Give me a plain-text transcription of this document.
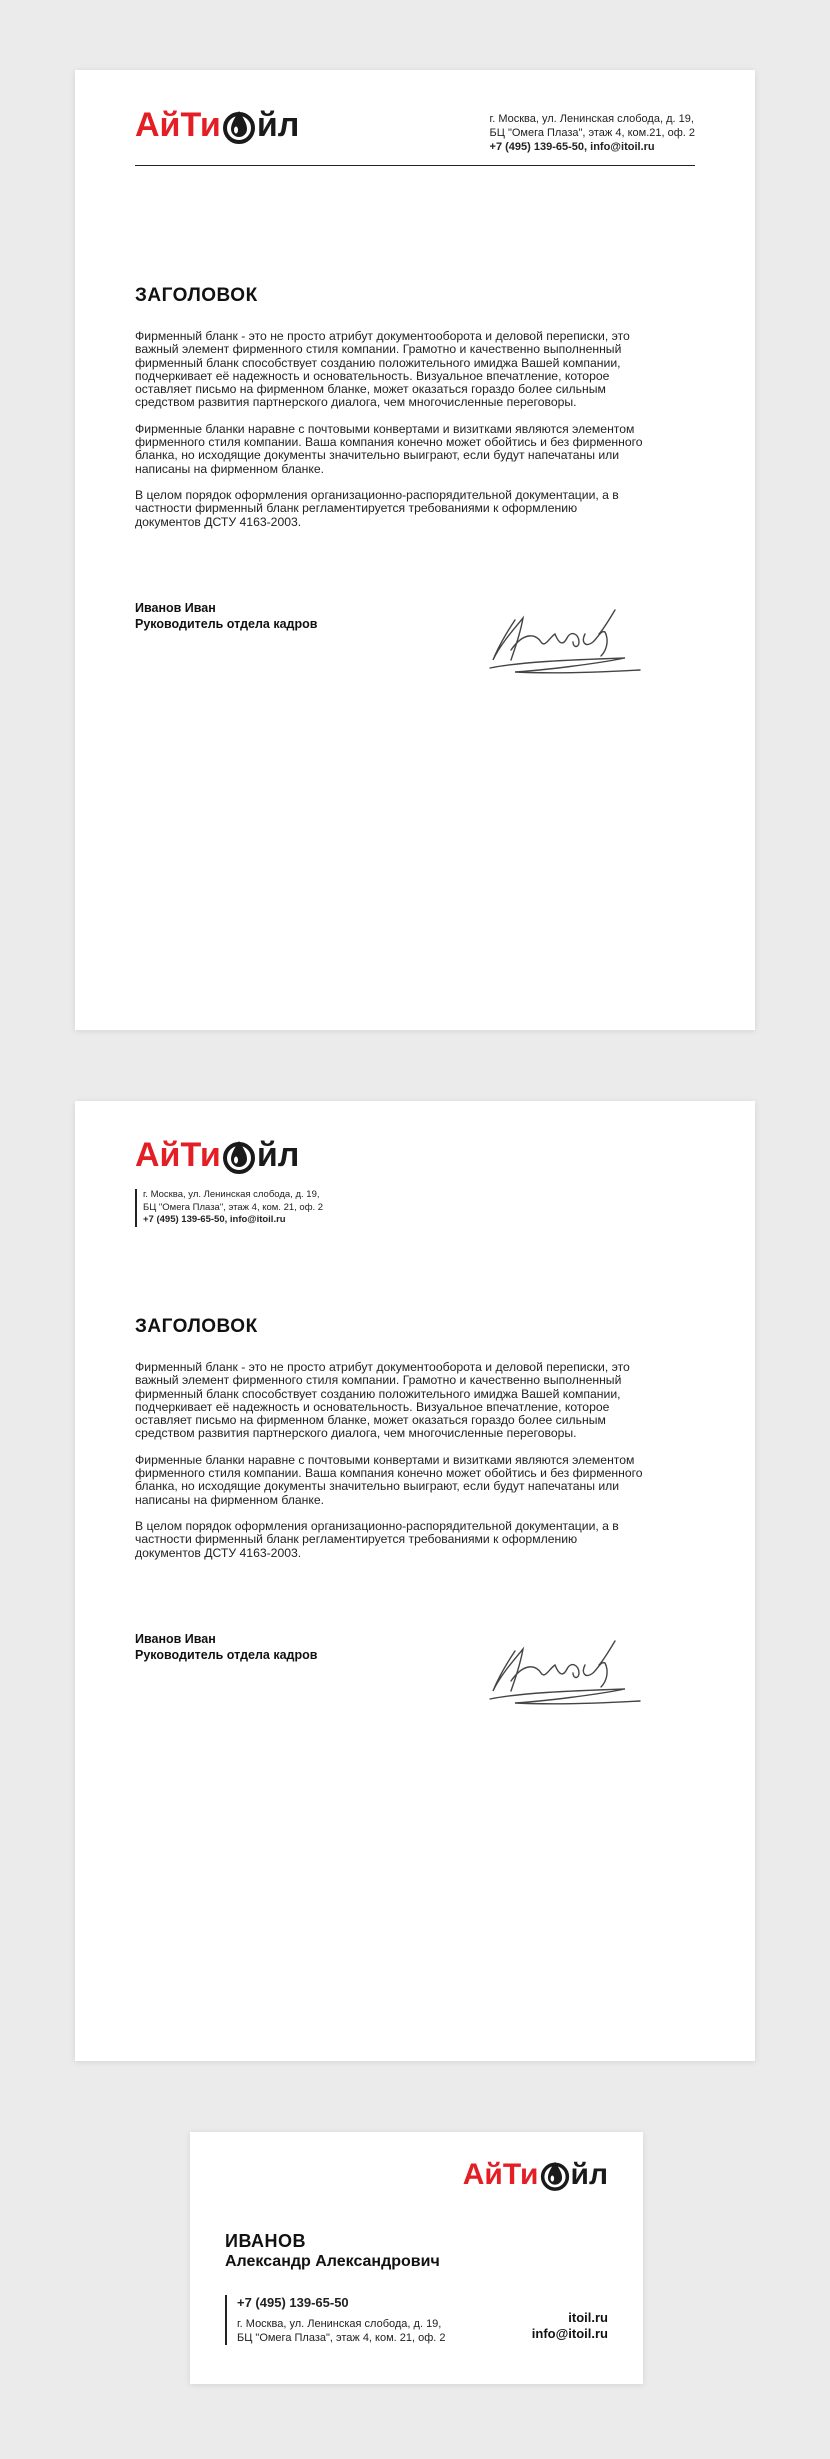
АйТи йл	г. Москва, ул. Ленинская слобода, д. 19,
БЦ "Омега Плаза", этаж 4, ком.21, оф. 2
+7 (495) 139-65-50, info@itoil.ru
ЗАГОЛОВОК

Фирменный бланк - это не просто атрибут документооборота и деловой переписки, это важный элемент фирменного стиля компании. Грамотно и качественно выполненный фирменный бланк способствует созданию положительного имиджа Вашей компании, подчеркивает её надежность и основательность. Визуальное впечатление, которое оставляет письмо на фирменном бланке, может оказаться гораздо более сильным средством развития партнерского диалога, чем многочисленные переговоры.

Фирменные бланки наравне с почтовыми конвертами и визитками являются элементом фирменного стиля компании. Ваша компания конечно может обойтись и без фирменного бланка, но исходящие документы значительно выиграют, если будут напечатаны или написаны на фирменном бланке.

В целом порядок оформления организационно-распорядительной документации, а в частности фирменный бланк регламентируется требованиями к оформлению документов ДСТУ 4163-2003.

Иванов Иван
Руководитель отдела кадров
АйТи йл
г. Москва, ул. Ленинская слобода, д. 19,
БЦ "Омега Плаза", этаж 4, ком. 21, оф. 2
+7 (495) 139-65-50, info@itoil.ru
ЗАГОЛОВОК

Фирменный бланк - это не просто атрибут документооборота и деловой переписки, это важный элемент фирменного стиля компании. Грамотно и качественно выполненный фирменный бланк способствует созданию положительного имиджа Вашей компании, подчеркивает её надежность и основательность. Визуальное впечатление, которое оставляет письмо на фирменном бланке, может оказаться гораздо более сильным средством развития партнерского диалога, чем многочисленные переговоры.

Фирменные бланки наравне с почтовыми конвертами и визитками являются элементом фирменного стиля компании. Ваша компания конечно может обойтись и без фирменного бланка, но исходящие документы значительно выиграют, если будут напечатаны или написаны на фирменном бланке.

В целом порядок оформления организационно-распорядительной документации, а в частности фирменный бланк регламентируется требованиями к оформлению документов ДСТУ 4163-2003.

Иванов Иван
Руководитель отдела кадров
АйТи йл
ИВАНОВ
Александр Александрович
+7 (495) 139-65-50
г. Москва, ул. Ленинская слобода, д. 19,
БЦ "Омега Плаза", этаж 4, ком. 21, оф. 2
itoil.ru
info@itoil.ru
